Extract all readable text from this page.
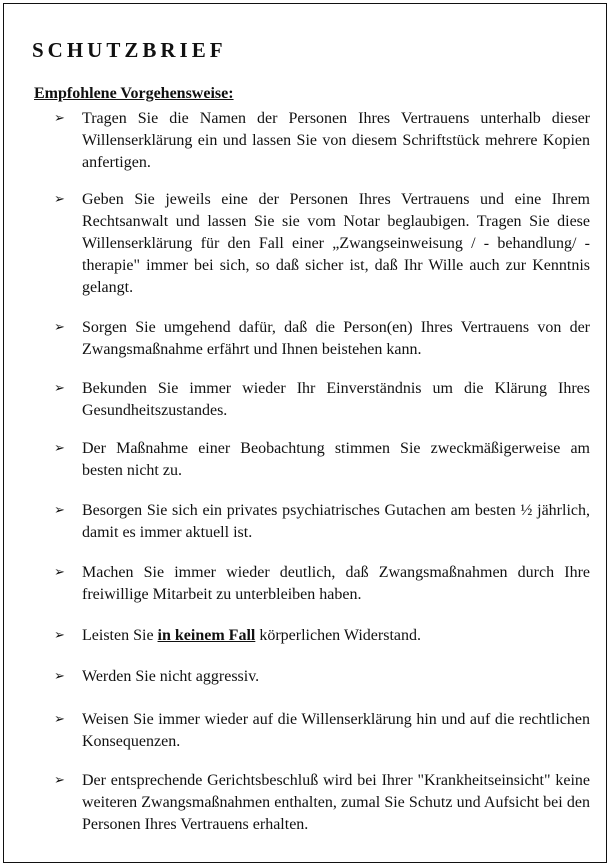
SCHUTZBRIEF
Empfohlene Vorgehensweise:
➢ Tragen Sie die Namen der Personen Ihres Vertrauens unterhalb dieser Willenserklärung ein und lassen Sie von diesem Schriftstück mehrere Kopien anfertigen.

➢ Geben Sie jeweils eine der Personen Ihres Vertrauens und eine Ihrem Rechtsanwalt und lassen Sie sie vom Notar beglaubigen. Tragen Sie diese Willenserklärung für den Fall einer „Zwangseinweisung / - behandlung/ - therapie" immer bei sich, so daß sicher ist, daß Ihr Wille auch zur Kenntnis gelangt.

➢ Sorgen Sie umgehend dafür, daß die Person(en) Ihres Vertrauens von der Zwangsmaßnahme erfährt und Ihnen beistehen kann.

➢ Bekunden Sie immer wieder Ihr Einverständnis um die Klärung Ihres Gesundheitszustandes.

➢ Der Maßnahme einer Beobachtung stimmen Sie zweckmäßigerweise am besten nicht zu.

➢ Besorgen Sie sich ein privates psychiatrisches Gutachen am besten ½ jährlich, damit es immer aktuell ist.

➢ Machen Sie immer wieder deutlich, daß Zwangsmaßnahmen durch Ihre freiwillige Mitarbeit zu unterbleiben haben.

➢ Leisten Sie in keinem Fall körperlichen Widerstand.

➢ Werden Sie nicht aggressiv.

➢ Weisen Sie immer wieder auf die Willenserklärung hin und auf die rechtlichen Konsequenzen.

➢ Der entsprechende Gerichtsbeschluß wird bei Ihrer "Krankheitseinsicht" keine weiteren Zwangsmaßnahmen enthalten, zumal Sie Schutz und Aufsicht bei den Personen Ihres Vertrauens erhalten.
